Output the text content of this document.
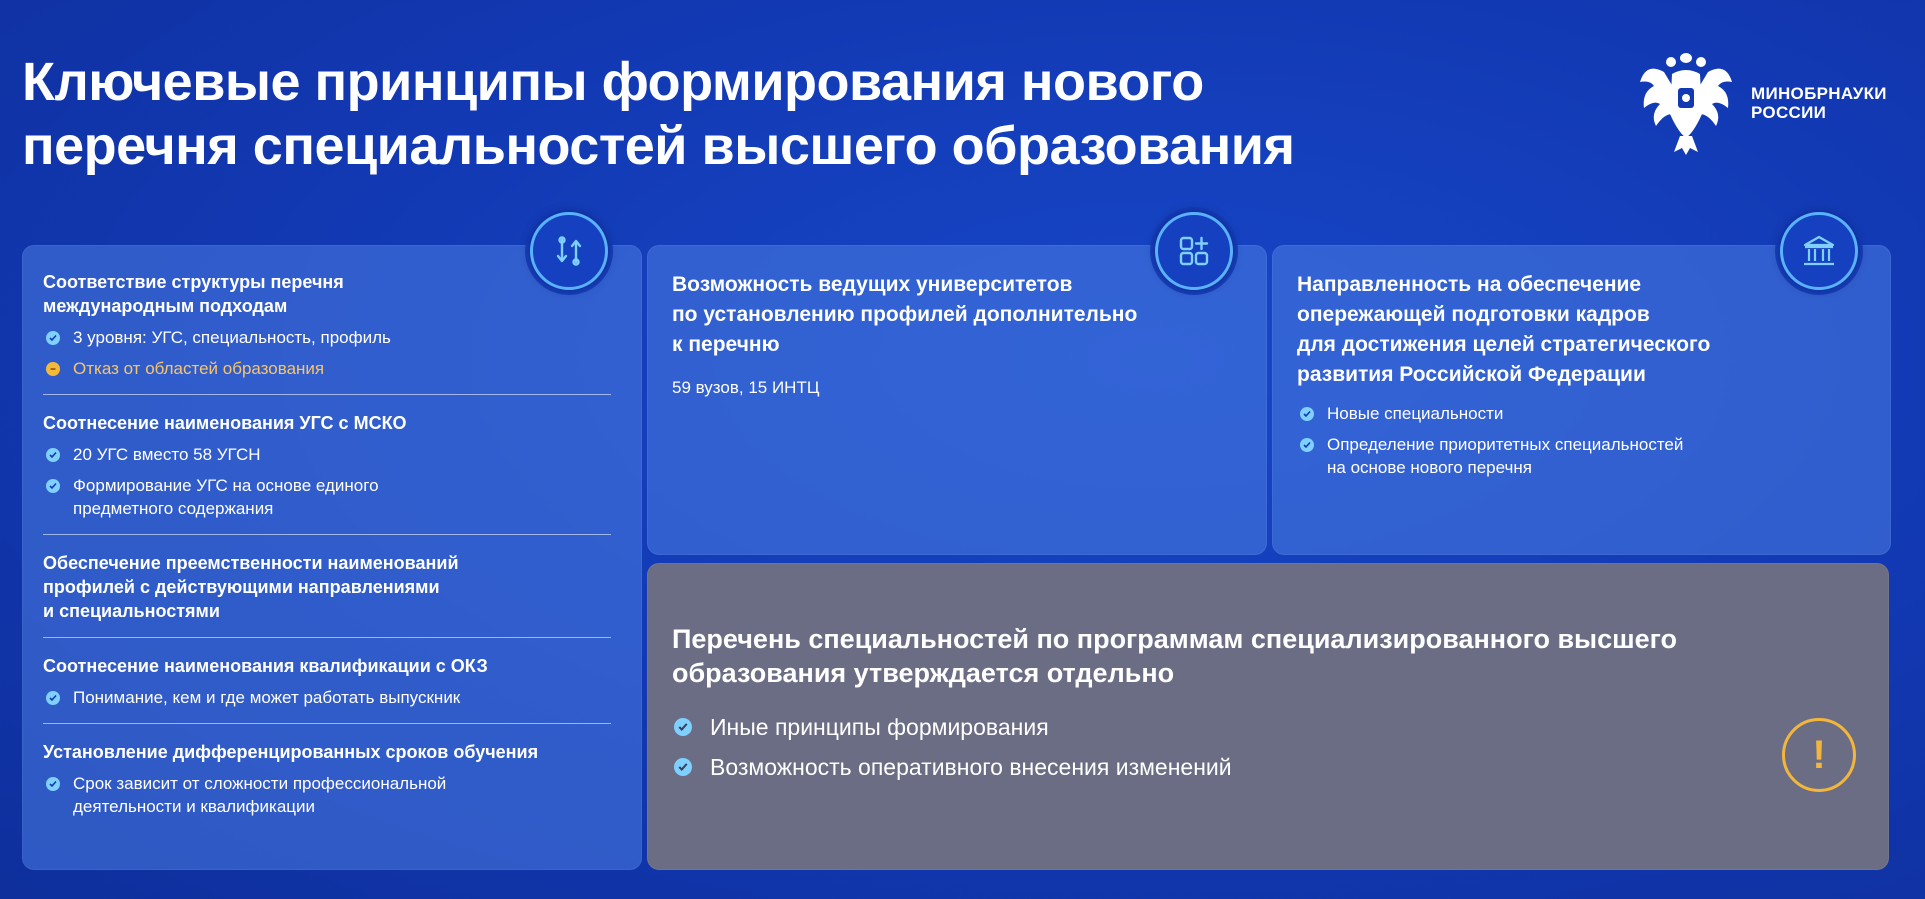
Ключевые принципы формирования нового
перечня специальностей высшего образования
МИНОБРНАУКИ
РОССИИ
Соответствие структуры перечня
международным подходам
3 уровня: УГС, специальность, профиль
Отказ от областей образования
Соотнесение наименования УГС с МСКО
20 УГС вместо 58 УГСН
Формирование УГС на основе единого
предметного содержания
Обеспечение преемственности наименований
профилей с действующими направлениями
и специальностями
Соотнесение наименования квалификации с ОКЗ
Понимание, кем и где может работать выпускник
Установление дифференцированных сроков обучения
Срок зависит от сложности профессиональной
деятельности и квалификации
Возможность ведущих университетов
по установлению профилей дополнительно
к перечню
59 вузов, 15 ИНТЦ
Направленность на обеспечение
опережающей подготовки кадров
для достижения целей стратегического
развития Российской Федерации
Новые специальности
Определение приоритетных специальностей
на основе нового перечня
Перечень специальностей по программам специализированного высшего
образования утверждается отдельно
Иные принципы формирования
Возможность оперативного внесения изменений	!
